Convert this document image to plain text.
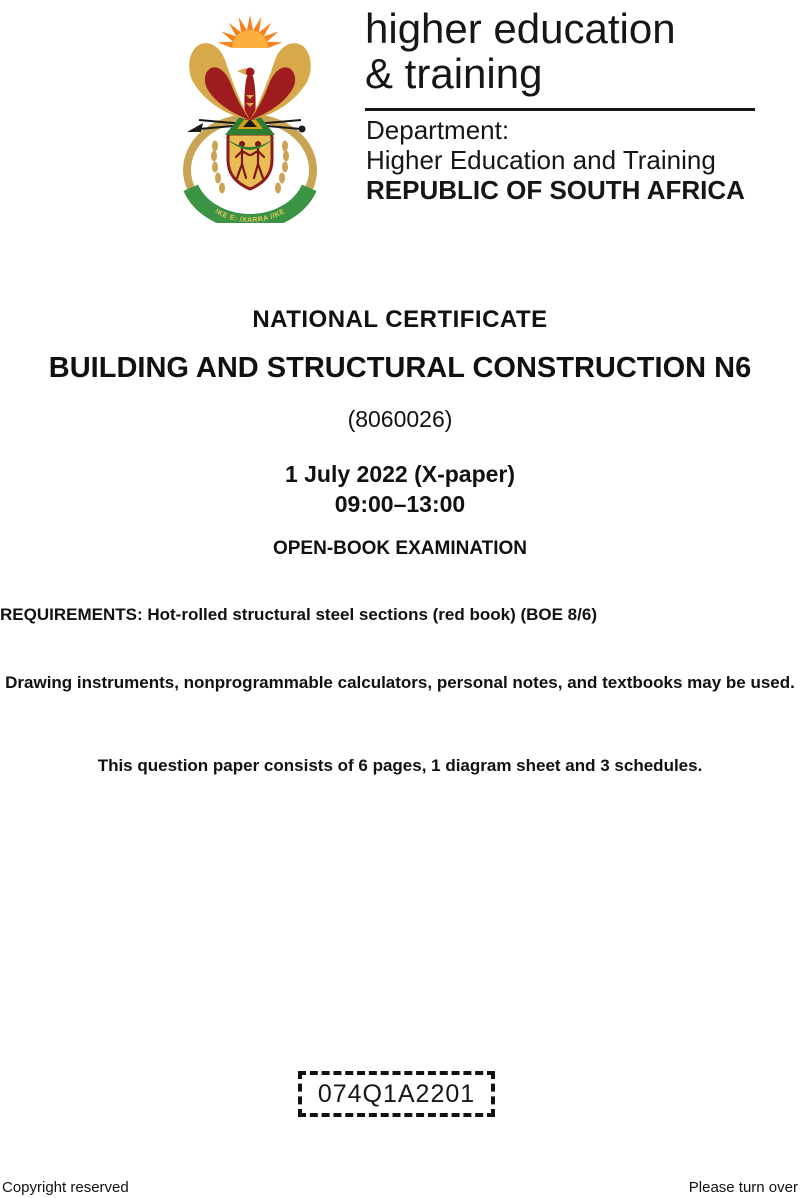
!KE E: /XARRA //KE
higher education
& training
Department:
Higher Education and Training
REPUBLIC OF SOUTH AFRICA
NATIONAL CERTIFICATE
BUILDING AND STRUCTURAL CONSTRUCTION N6
(8060026)
1 July 2022 (X-paper)
09:00–13:00
OPEN-BOOK EXAMINATION
REQUIREMENTS: Hot-rolled structural steel sections (red book) (BOE 8/6)
Drawing instruments, nonprogrammable calculators, personal notes, and textbooks may be used.
This question paper consists of 6 pages, 1 diagram sheet and 3 schedules.
074Q1A2201
Copyright reserved	Please turn over
